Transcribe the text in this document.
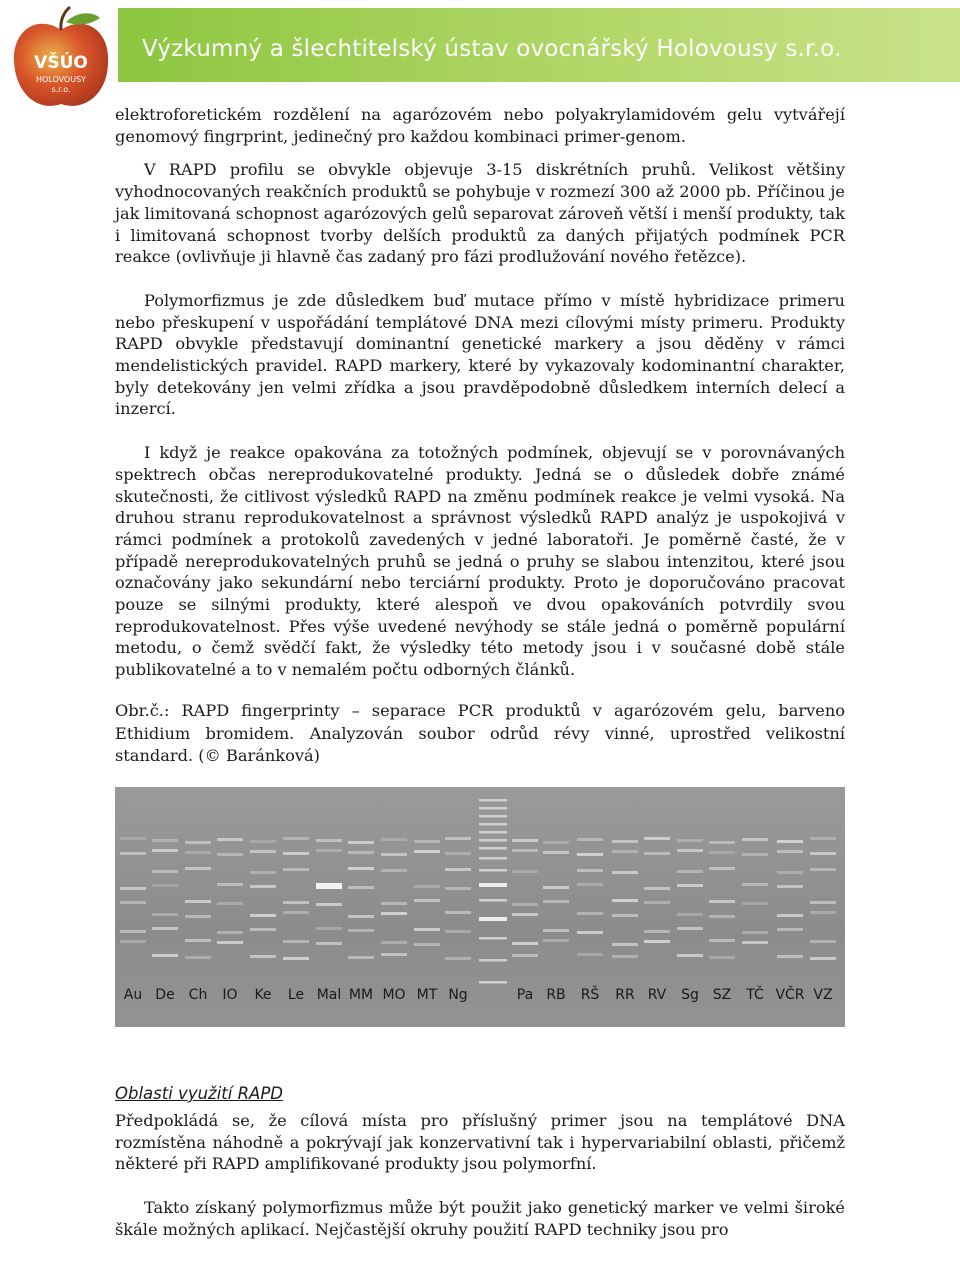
Výzkumný a šlechtitelský ústav ovocnářský Holovousy s.r.o.
VŠÚO
HOLOVOUSY
s.r.o.

elektroforetickém rozdělení na agarózovém nebo polyakrylamidovém gelu vytvářejí genomový fingrprint, jedinečný pro každou kombinaci primer-genom.

V RAPD profilu se obvykle objevuje 3-15 diskrétních pruhů. Velikost většiny vyhodnocovaných reakčních produktů se pohybuje v rozmezí 300 až 2000 pb. Příčinou je jak limitovaná schopnost agarózových gelů separovat zároveň větší i menší produkty, tak i limitovaná schopnost tvorby delších produktů za daných přijatých podmínek PCR reakce (ovlivňuje ji hlavně čas zadaný pro fázi prodlužování nového řetězce).

Polymorfizmus je zde důsledkem buď mutace přímo v místě hybridizace primeru nebo přeskupení v uspořádání templátové DNA mezi cílovými místy primeru. Produkty RAPD obvykle představují dominantní genetické markery a jsou děděny v rámci mendelistických pravidel. RAPD markery, které by vykazovaly kodominantní charakter, byly detekovány jen velmi zřídka a jsou pravděpodobně důsledkem interních delecí a inzercí.

I když je reakce opakována za totožných podmínek, objevují se v porovnávaných spektrech občas nereprodukovatelné produkty. Jedná se o důsledek dobře známé skutečnosti, že citlivost výsledků RAPD na změnu podmínek reakce je velmi vysoká. Na druhou stranu reprodukovatelnost a správnost výsledků RAPD analýz je uspokojivá v rámci podmínek a protokolů zavedených v jedné laboratoři. Je poměrně časté, že v případě nereprodukovatelných pruhů se jedná o pruhy se slabou intenzitou, které jsou označovány jako sekundární nebo terciární produkty. Proto je doporučováno pracovat pouze se silnými produkty, které alespoň ve dvou opakováních potvrdily svou reprodukovatelnost. Přes výše uvedené nevýhody se stále jedná o poměrně populární metodu, o čemž svědčí fakt, že výsledky této metody jsou i v současné době stále publikovatelné a to v nemalém počtu odborných článků.

Obr.č.: RAPD fingerprinty – separace PCR produktů v agarózovém gelu, barveno Ethidium bromidem. Analyzován soubor odrůd révy vinné, uprostřed velikostní standard. (© Baránková)

Au De Ch IO Ke Le Mal MM MO MT Ng	Pa RB RŠ RR RV Sg SZ TČ VČR VZ

Oblasti využití RAPD

Předpokládá se, že cílová místa pro příslušný primer jsou na templátové DNA rozmístěna náhodně a pokrývají jak konzervativní tak i hypervariabilní oblasti, přičemž některé při RAPD amplifikované produkty jsou polymorfní.

Takto získaný polymorfizmus může být použit jako genetický marker ve velmi široké škále možných aplikací. Nejčastější okruhy použití RAPD techniky jsou pro
